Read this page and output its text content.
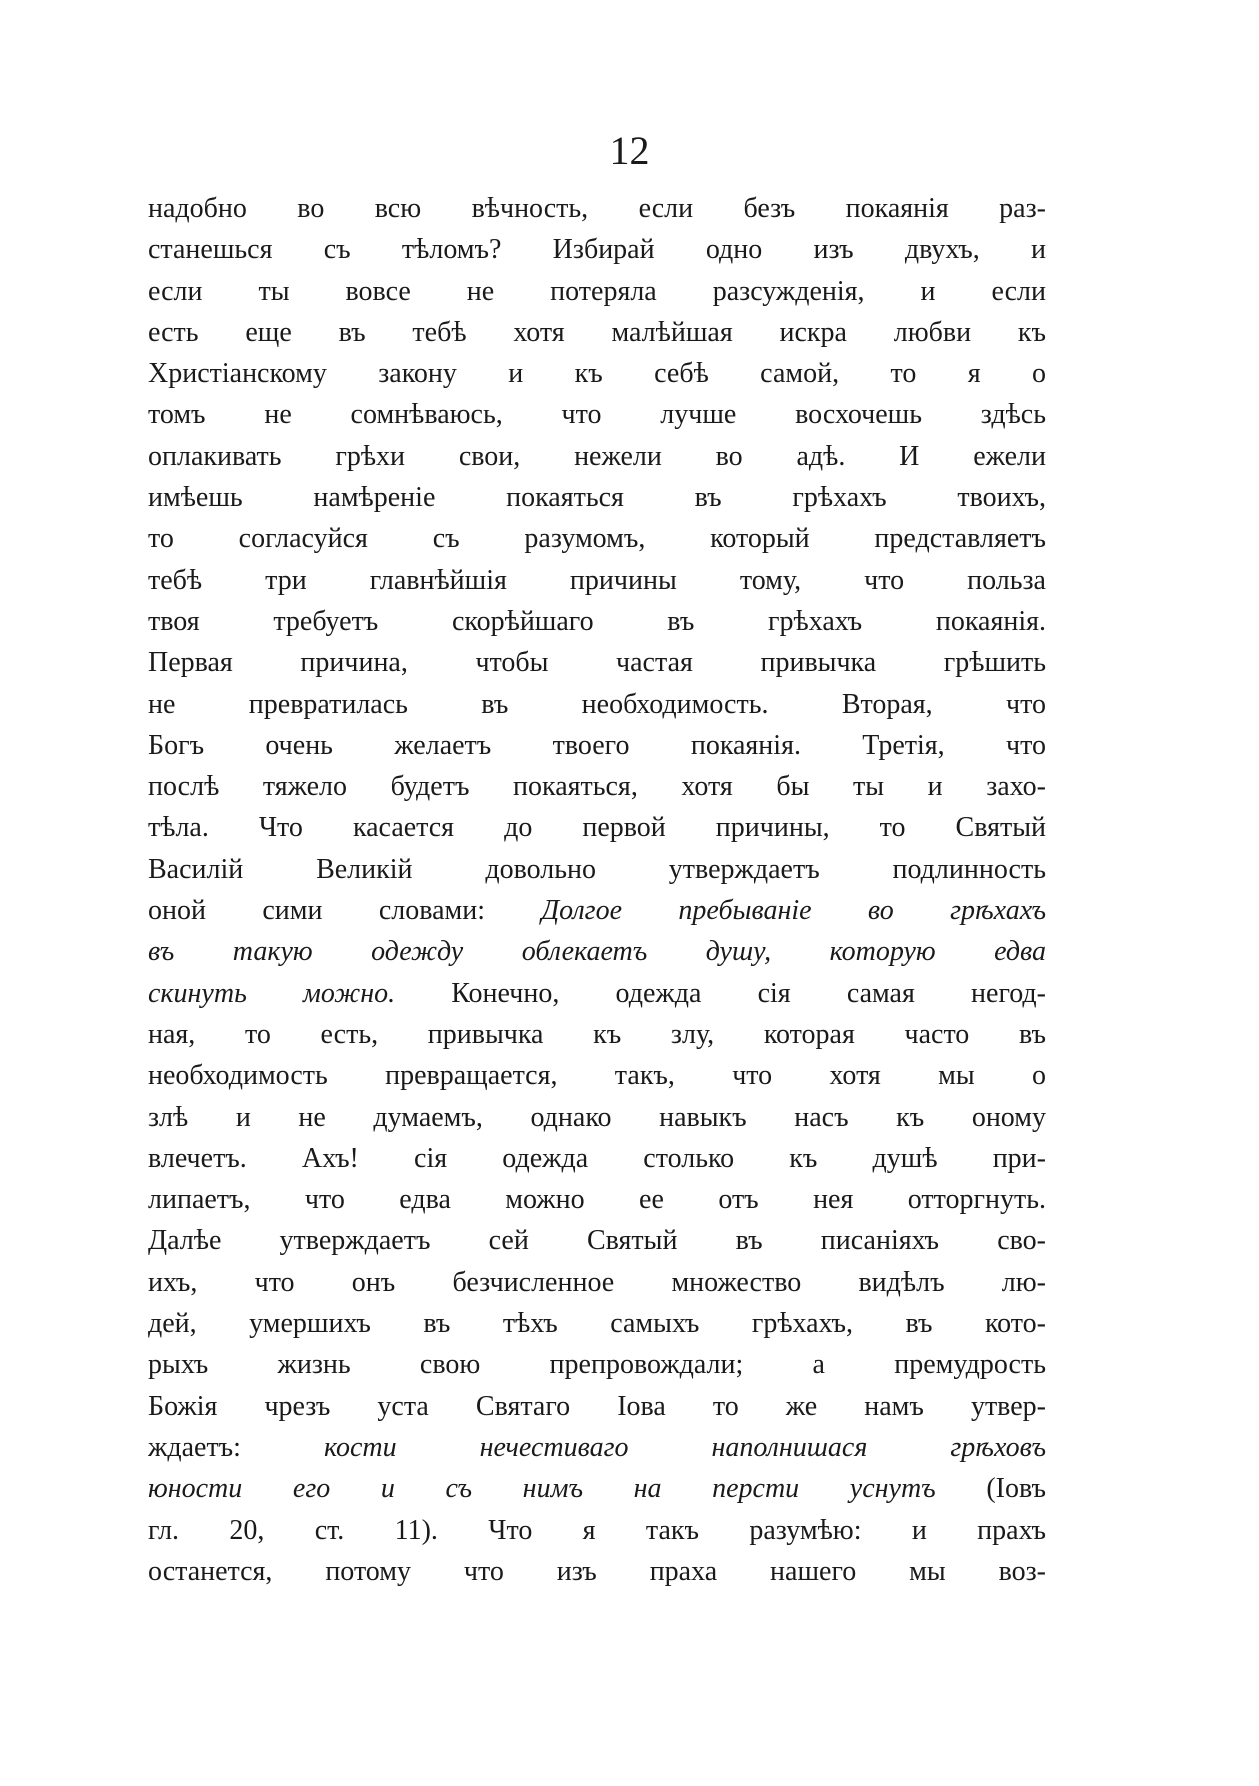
12
надобно во всю вѣчность, если безъ покаянія раз-
станешься съ тѣломъ? Избирай одно изъ двухъ, и
если ты вовсе не потеряла разсужденія, и если
есть еще въ тебѣ хотя малѣйшая искра любви къ
Христіанскому закону и къ себѣ самой, то я о
томъ не сомнѣваюсь, что лучше восхочешь здѣсь
оплакивать грѣхи свои, нежели во адѣ. И ежели
имѣешь намѣреніе покаяться въ грѣхахъ твоихъ,
то согласуйся съ разумомъ, который представляетъ
тебѣ три главнѣйшія причины тому, что польза
твоя требуетъ скорѣйшаго въ грѣхахъ покаянія.
Первая причина, чтобы частая привычка грѣшить
не превратилась въ необходимость. Вторая, что
Богъ очень желаетъ твоего покаянія. Третія, что
послѣ тяжело будетъ покаяться, хотя бы ты и захо-
тѣла. Что касается до первой причины, то Святый
Василій Великій довольно утверждаетъ подлинность
оной сими словами: Долгое пребываніе во грѣхахъ
въ такую одежду облекаетъ душу, которую едва
скинуть можно. Конечно, одежда сія самая негод-
ная, то есть, привычка къ злу, которая часто въ
необходимость превращается, такъ, что хотя мы о
злѣ и не думаемъ, однако навыкъ насъ къ оному
влечетъ. Ахъ! сія одежда столько къ душѣ при-
липаетъ, что едва можно ее отъ нея отторгнуть.
Далѣе утверждаетъ сей Святый въ писаніяхъ сво-
ихъ, что онъ безчисленное множество видѣлъ лю-
дей, умершихъ въ тѣхъ самыхъ грѣхахъ, въ кото-
рыхъ жизнь свою препровождали; а премудрость
Божія чрезъ уста Святаго Іова то же намъ утвер-
ждаетъ: кости нечестиваго наполнишася грѣховъ
юности его и съ нимъ на персти уснутъ (Іовъ
гл. 20, ст. 11). Что я такъ разумѣю: и прахъ
останется, потому что изъ праха нашего мы воз-
